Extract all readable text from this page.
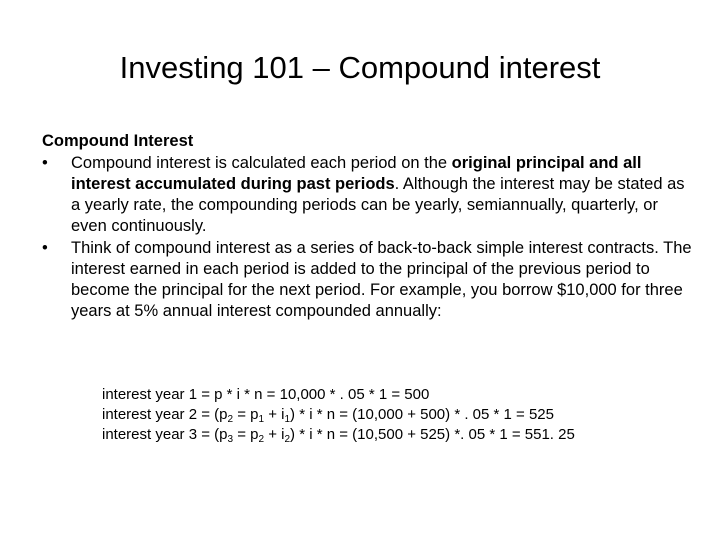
Investing 101 – Compound interest
Compound Interest
•	Compound interest is calculated each period on the original principal and all interest accumulated during past periods. Although the interest may be stated as a yearly rate, the compounding periods can be yearly, semiannually, quarterly, or even continuously.
•	Think of compound interest as a series of back-to-back simple interest contracts. The interest earned in each period is added to the principal of the previous period to become the principal for the next period. For example, you borrow $10,000 for three years at 5% annual interest compounded annually:
interest year 1 = p * i * n = 10,000 * . 05 * 1 = 500
interest year $2 = (p_2 = p_1 + i_1) * i * n = (10,000 + 500)$ * . 05 * 1 = 525
interest year $3 = (p_3 = p_2 + i_2) * i * n = (10,500 + 525)$ *. 05 * 1 = 551. 25
